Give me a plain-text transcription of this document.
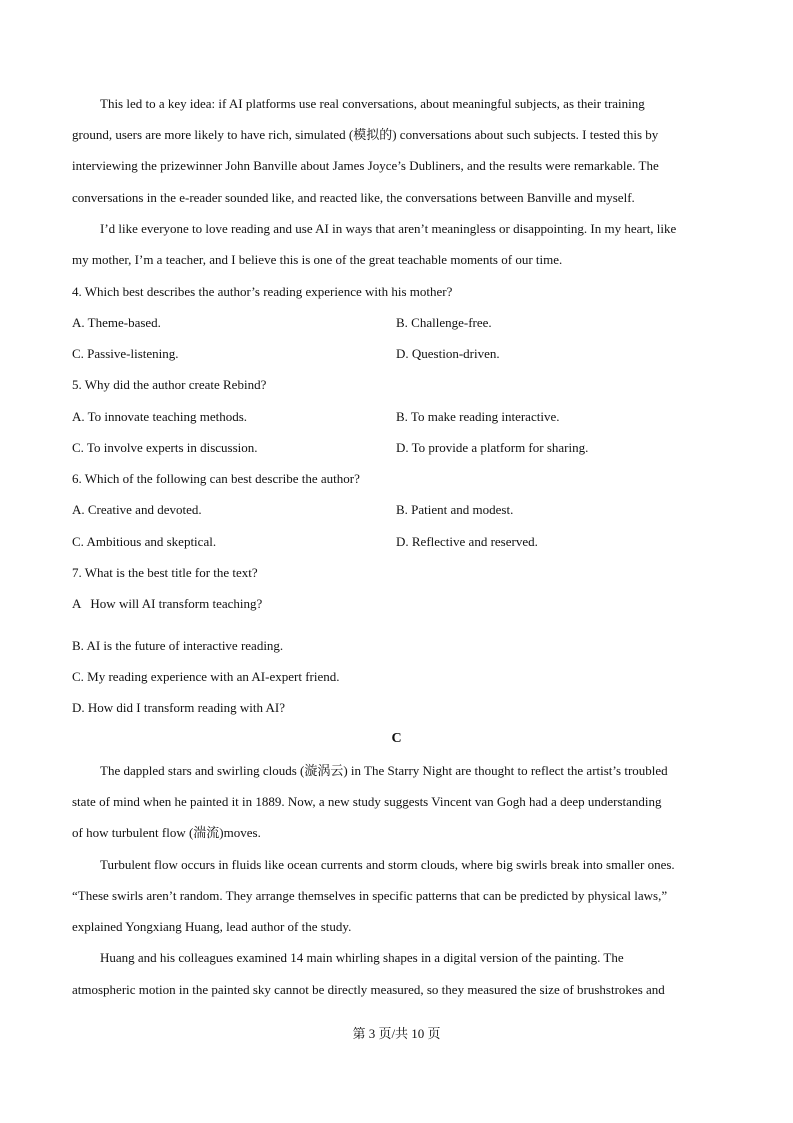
This led to a key idea: if AI platforms use real conversations, about meaningful subjects, as their training
ground, users are more likely to have rich, simulated (模拟的) conversations about such subjects. I tested this by
interviewing the prizewinner John Banville about James Joyce’s Dubliners, and the results were remarkable. The
conversations in the e-reader sounded like, and reacted like, the conversations between Banville and myself.
I’d like everyone to love reading and use AI in ways that aren’t meaningless or disappointing. In my heart, like
my mother, I’m a teacher, and I believe this is one of the great teachable moments of our time.
4. Which best describes the author’s reading experience with his mother?
A. Theme-based.	B. Challenge-free.
C. Passive-listening.	D. Question-driven.
5. Why did the author create Rebind?
A. To innovate teaching methods.	B. To make reading interactive.
C. To involve experts in discussion.	D. To provide a platform for sharing.
6. Which of the following can best describe the author?
A. Creative and devoted.	B. Patient and modest.
C. Ambitious and skeptical.	D. Reflective and reserved.
7. What is the best title for the text?
A   How will AI transform teaching?
B. AI is the future of interactive reading.
C. My reading experience with an AI-expert friend.
D. How did I transform reading with AI?
C
The dappled stars and swirling clouds (漩涡云) in The Starry Night are thought to reflect the artist’s troubled
state of mind when he painted it in 1889. Now, a new study suggests Vincent van Gogh had a deep understanding
of how turbulent flow (湍流)moves.
Turbulent flow occurs in fluids like ocean currents and storm clouds, where big swirls break into smaller ones.
“These swirls aren’t random. They arrange themselves in specific patterns that can be predicted by physical laws,”
explained Yongxiang Huang, lead author of the study.
Huang and his colleagues examined 14 main whirling shapes in a digital version of the painting. The
atmospheric motion in the painted sky cannot be directly measured, so they measured the size of brushstrokes and
第 3 页/共 10 页
